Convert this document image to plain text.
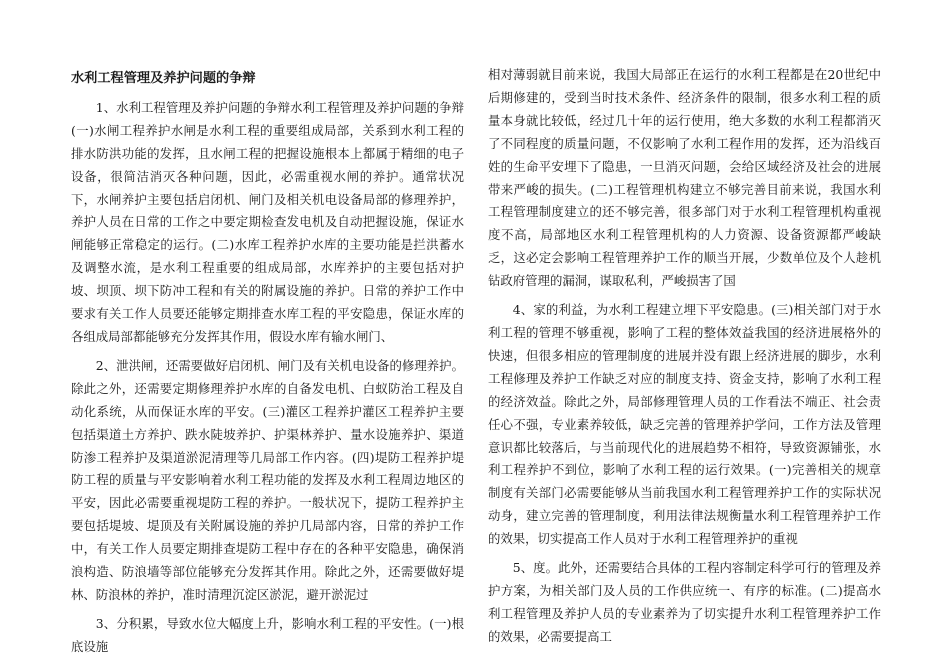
水利工程管理及养护问题的争辩

1、水利工程管理及养护问题的争辩水利工程管理及养护问题的争辩(一)水闸工程养护水闸是水利工程的重要组成局部，关系到水利工程的排水防洪功能的发挥，且水闸工程的把握设施根本上都属于精细的电子设备，很简洁消灭各种问题，因此，必需重视水闸的养护。通常状况下，水闸养护主要包括启闭机、闸门及相关机电设备局部的修理养护，养护人员在日常的工作之中要定期检查发电机及自动把握设施，保证水闸能够正常稳定的运行。(二)水库工程养护水库的主要功能是拦洪蓄水及调整水流，是水利工程重要的组成局部，水库养护的主要包括对护坡、坝顶、坝下防冲工程和有关的附属设施的养护。日常的养护工作中要求有关工作人员要还能够定期排查水库工程的平安隐患，保证水库的各组成局部都能够充分发挥其作用，假设水库有输水闸门、

2、泄洪闸，还需要做好启闭机、闸门及有关机电设备的修理养护。除此之外，还需要定期修理养护水库的自备发电机、白蚁防治工程及自动化系统，从而保证水库的平安。(三)灌区工程养护灌区工程养护主要包括渠道土方养护、跌水陡坡养护、护渠林养护、量水设施养护、渠道防渗工程养护及渠道淤泥清理等几局部工作内容。(四)堤防工程养护堤防工程的质量与平安影响着水利工程功能的发挥及水利工程周边地区的平安，因此必需要重视堤防工程的养护。一般状况下，提防工程养护主要包括堤坡、堤顶及有关附属设施的养护几局部内容，日常的养护工作中，有关工作人员要定期排查堤防工程中存在的各种平安隐患，确保消浪构造、防浪墙等部位能够充分发挥其作用。除此之外，还需要做好堤林、防浪林的养护，准时清理沉淀区淤泥，避开淤泥过

3、分积累，导致水位大幅度上升，影响水利工程的平安性。(一)根底设施

相对薄弱就目前来说，我国大局部正在运行的水利工程都是在20世纪中后期修建的，受到当时技术条件、经济条件的限制，很多水利工程的质量本身就比较低，经过几十年的运行使用，绝大多数的水利工程都消灭了不同程度的质量问题，不仅影响了水利工程作用的发挥，还为沿线百姓的生命平安埋下了隐患，一旦消灭问题，会给区域经济及社会的进展带来严峻的损失。(二)工程管理机构建立不够完善目前来说，我国水利工程管理制度建立的还不够完善，很多部门对于水利工程管理机构重视度不高，局部地区水利工程管理机构的人力资源、设备资源都严峻缺乏，这必定会影响工程管理养护工作的顺当开展，少数单位及个人趁机钻政府管理的漏洞，谋取私利，严峻损害了国

4、家的利益，为水利工程建立埋下平安隐患。(三)相关部门对于水利工程的管理不够重视，影响了工程的整体效益我国的经济进展格外的快速，但很多相应的管理制度的进展并没有跟上经济进展的脚步，水利工程修理及养护工作缺乏对应的制度支持、资金支持，影响了水利工程的经济效益。除此之外，局部修理管理人员的工作看法不端正、社会责任心不强，专业素养较低，缺乏完善的管理养护学问，工作方法及管理意识都比较落后，与当前现代化的进展趋势不相符，导致资源铺张，水利工程养护不到位，影响了水利工程的运行效果。(一)完善相关的规章制度有关部门必需要能够从当前我国水利工程管理养护工作的实际状况动身，建立完善的管理制度，利用法律法规衡量水利工程管理养护工作的效果，切实提高工作人员对于水利工程管理养护的重视

5、度。此外，还需要结合具体的工程内容制定科学可行的管理及养护方案，为相关部门及人员的工作供应统一、有序的标准。(二)提高水利工程管理及养护人员的专业素养为了切实提升水利工程管理养护工作的效果，必需要提高工
